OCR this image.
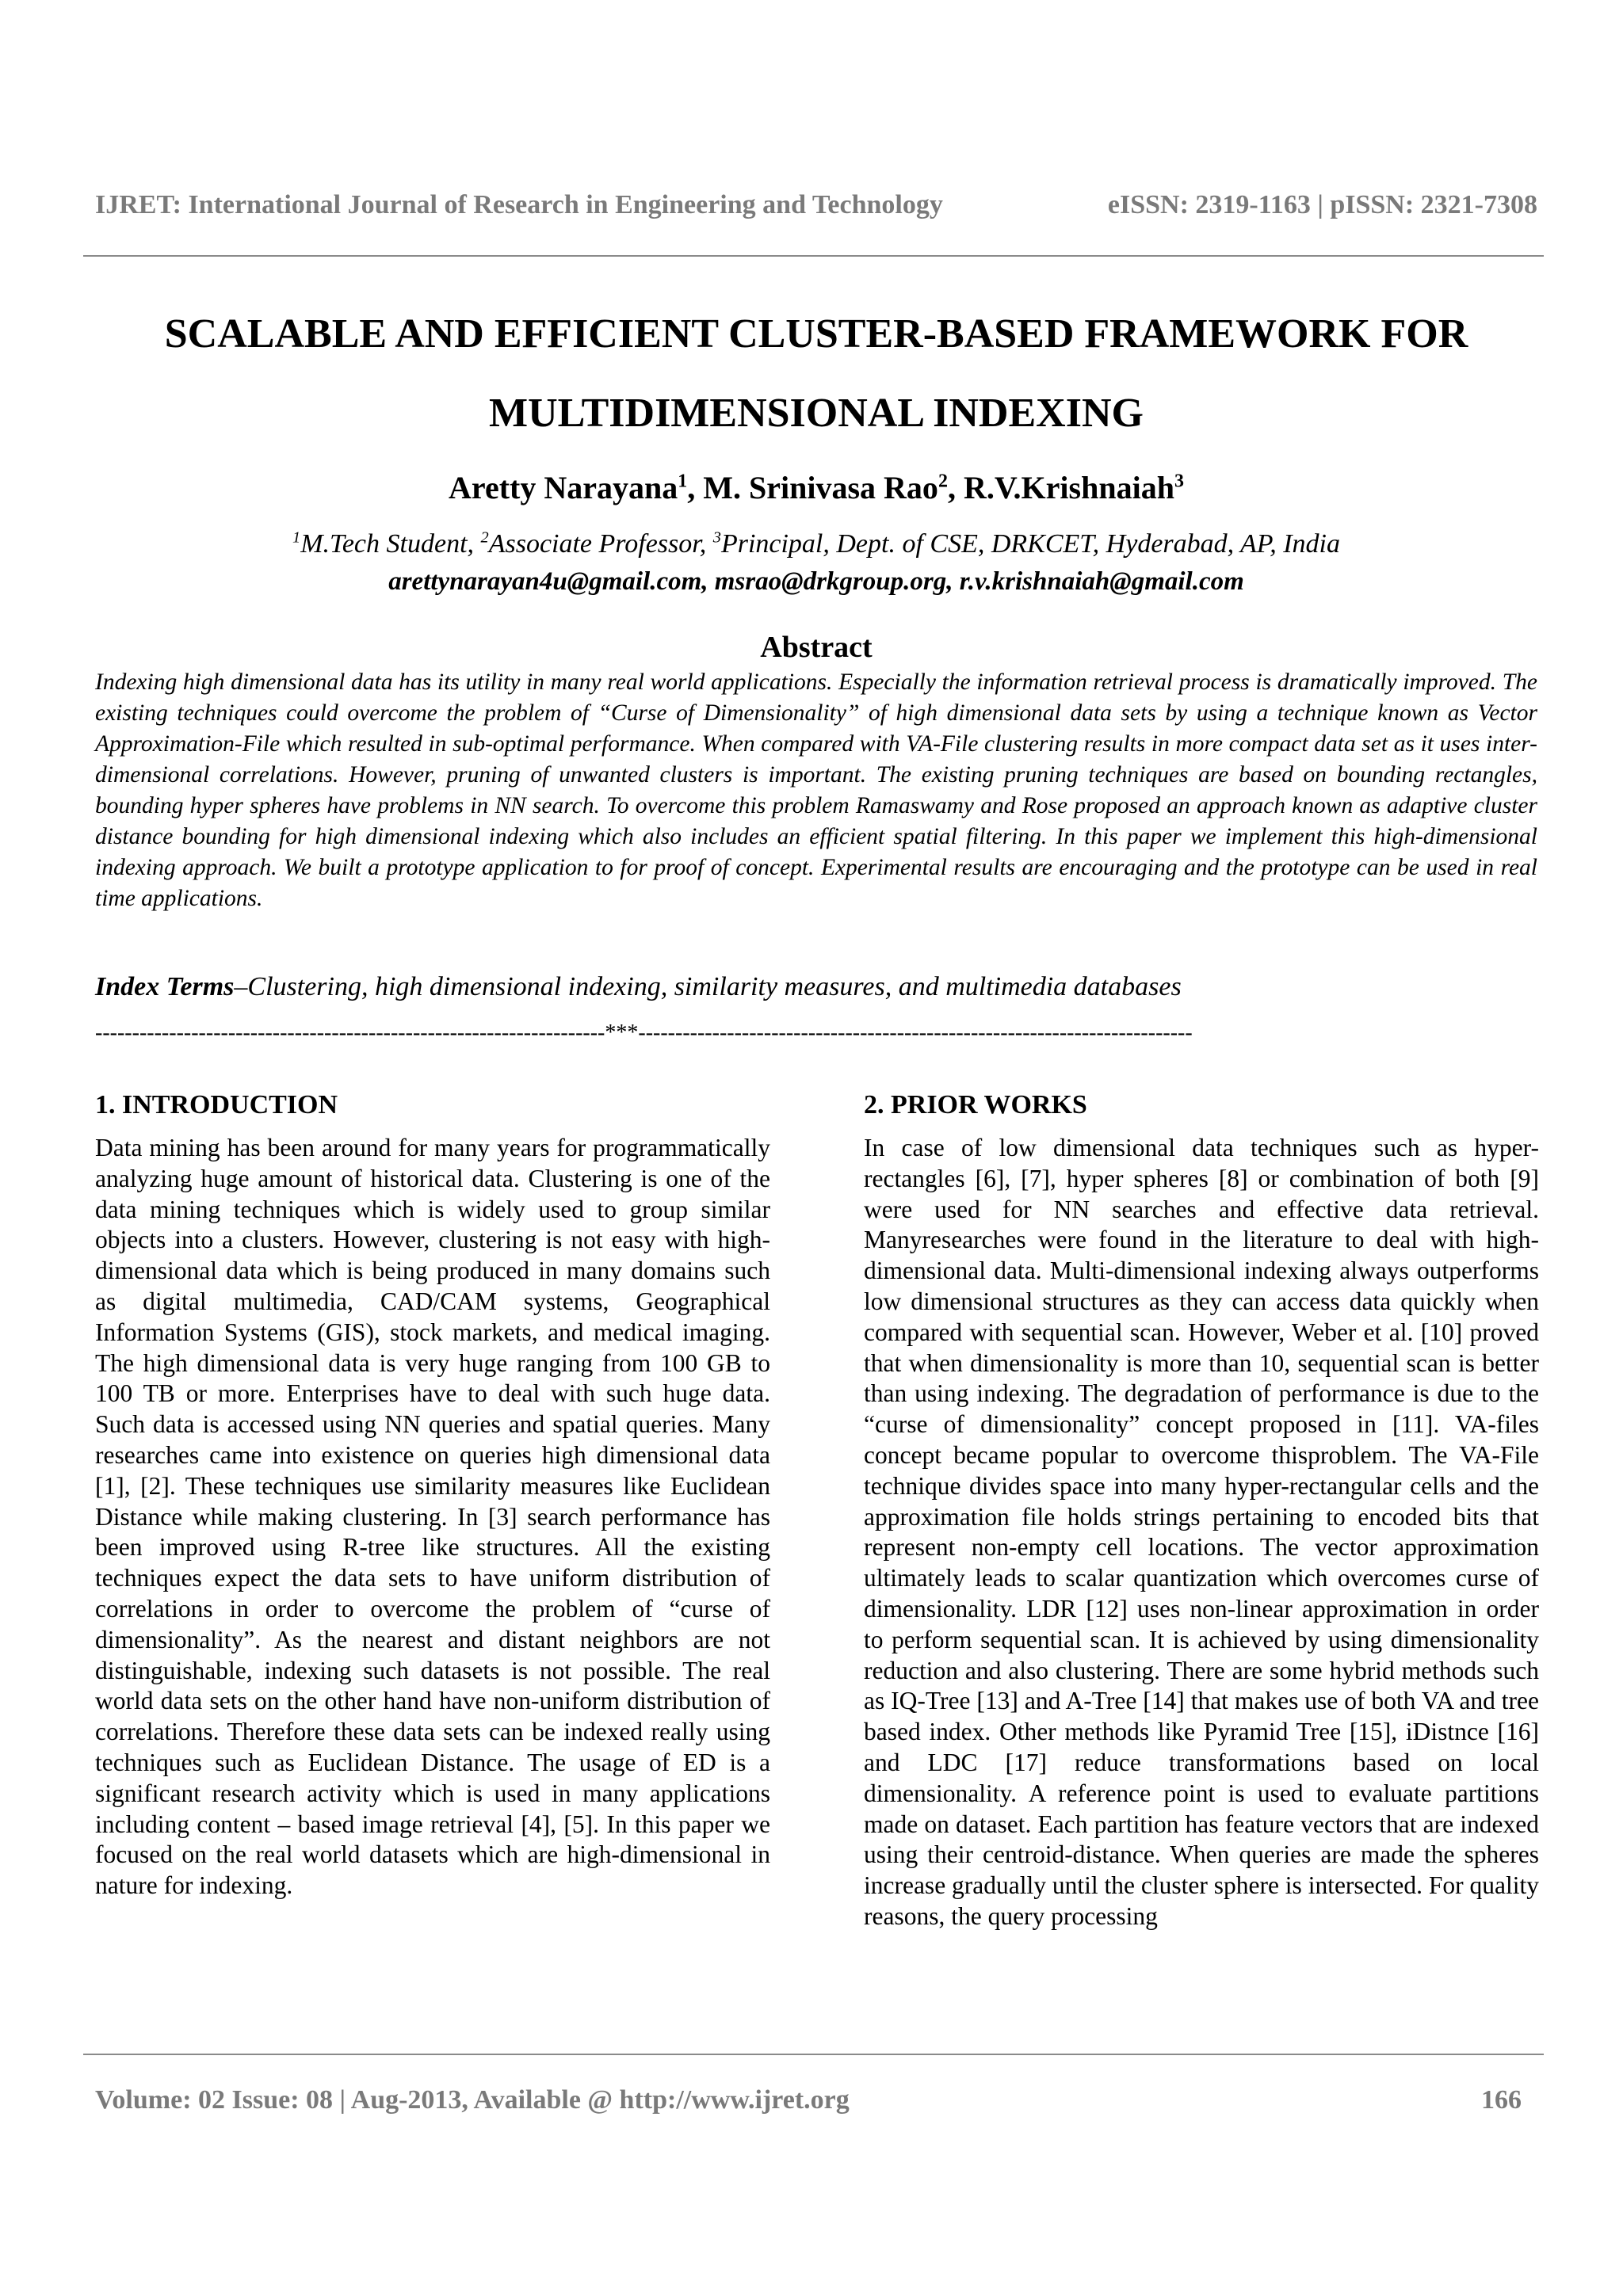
IJRET: International Journal of Research in Engineering and Technology	eISSN: 2319-1163 | pISSN: 2321-7308
SCALABLE AND EFFICIENT CLUSTER-BASED FRAMEWORK FOR
MULTIDIMENSIONAL INDEXING
Aretty Narayana$^1$, M. Srinivasa Rao$^2$, R.V.Krishnaiah$^3$
$^1$M.Tech Student, $^2$Associate Professor, $^3$Principal, Dept. of CSE, DRKCET, Hyderabad, AP, India
arettynarayan4u@gmail.com, msrao@drkgroup.org, r.v.krishnaiah@gmail.com
Abstract
Indexing high dimensional data has its utility in many real world applications. Especially the information retrieval process is dramatically improved. The existing techniques could overcome the problem of “Curse of Dimensionality” of high dimensional data sets by using a technique known as Vector Approximation-File which resulted in sub-optimal performance. When compared with VA-File clustering results in more compact data set as it uses inter-dimensional correlations. However, pruning of unwanted clusters is important. The existing pruning techniques are based on bounding rectangles, bounding hyper spheres have problems in NN search. To overcome this problem Ramaswamy and Rose proposed an approach known as adaptive cluster distance bounding for high dimensional indexing which also includes an efficient spatial filtering. In this paper we implement this high-dimensional indexing approach. We built a prototype application to for proof of concept. Experimental results are encouraging and the prototype can be used in real time applications.
Index Terms–Clustering, high dimensional indexing, similarity measures, and multimedia databases
---------------------------------------------------------------------***---------------------------------------------------------------------------
1. INTRODUCTION

Data mining has been around for many years for programmatically analyzing huge amount of historical data. Clustering is one of the data mining techniques which is widely used to group similar objects into a clusters. However, clustering is not easy with high-dimensional data which is being produced in many domains such as digital multimedia, CAD/CAM systems, Geographical Information Systems (GIS), stock markets, and medical imaging. The high dimensional data is very huge ranging from 100 GB to 100 TB or more. Enterprises have to deal with such huge data. Such data is accessed using NN queries and spatial queries. Many researches came into existence on queries high dimensional data [1], [2]. These techniques use similarity measures like Euclidean Distance while making clustering. In [3] search performance has been improved using R-tree like structures. All the existing techniques expect the data sets to have uniform distribution of correlations in order to overcome the problem of “curse of dimensionality”. As the nearest and distant neighbors are not distinguishable, indexing such datasets is not possible. The real world data sets on the other hand have non-uniform distribution of correlations. Therefore these data sets can be indexed really using techniques such as Euclidean Distance. The usage of ED is a significant research activity which is used in many applications including content – based image retrieval [4], [5]. In this paper we focused on the real world datasets which are high-dimensional in nature for indexing.

2. PRIOR WORKS

In case of low dimensional data techniques such as hyper-rectangles [6], [7], hyper spheres [8] or combination of both [9] were used for NN searches and effective data retrieval. Manyresearches were found in the literature to deal with high-dimensional data. Multi-dimensional indexing always outperforms low dimensional structures as they can access data quickly when compared with sequential scan. However, Weber et al. [10] proved that when dimensionality is more than 10, sequential scan is better than using indexing. The degradation of performance is due to the “curse of dimensionality” concept proposed in [11]. VA-files concept became popular to overcome thisproblem. The VA-File technique divides space into many hyper-rectangular cells and the approximation file holds strings pertaining to encoded bits that represent non-empty cell locations. The vector approximation ultimately leads to scalar quantization which overcomes curse of dimensionality. LDR [12] uses non-linear approximation in order to perform sequential scan. It is achieved by using dimensionality reduction and also clustering. There are some hybrid methods such as IQ-Tree [13] and A-Tree [14] that makes use of both VA and tree based index. Other methods like Pyramid Tree [15], iDistnce [16] and LDC [17] reduce transformations based on local dimensionality. A reference point is used to evaluate partitions made on dataset. Each partition has feature vectors that are indexed using their centroid-distance. When queries are made the spheres increase gradually until the cluster sphere is intersected. For quality reasons, the query processing

Volume: 02 Issue: 08 | Aug-2013, Available @ http://www.ijret.org	166
